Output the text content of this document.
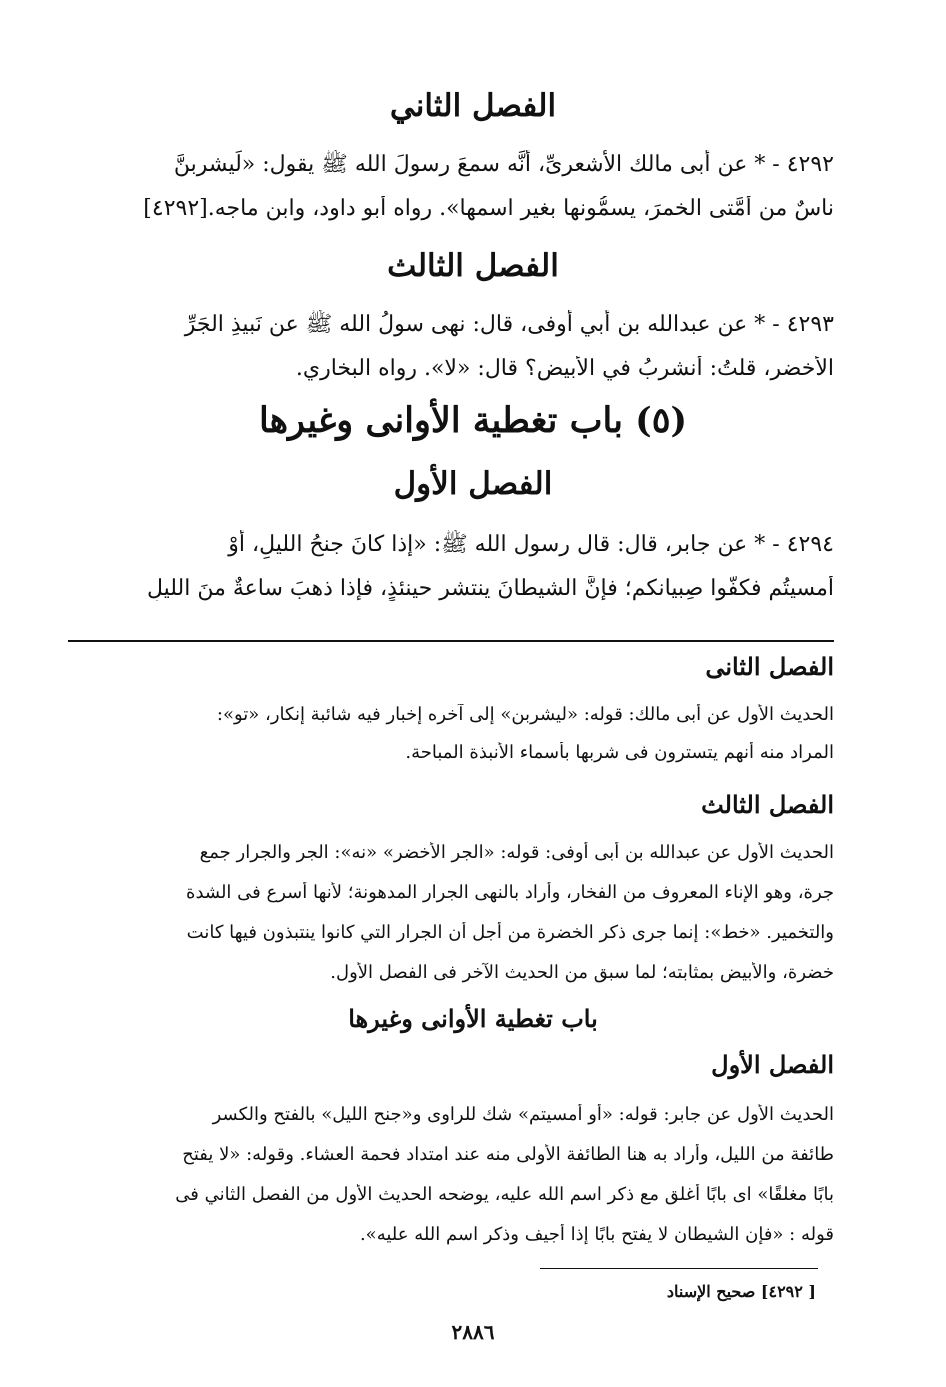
الفصل الثاني
٤٢٩٢ - * عن أبى مالك الأشعرىِّ، أنَّه سمعَ رسولَ الله ﷺ يقول: «لَيشربنَّ
ناسٌ من أمَّتى الخمرَ، يسمُّونها بغيرِ اسمها». رواه أبو داود، وابن ماجه.[٤٢٩٢]
الفصل الثالث
٤٢٩٣ - * عن عبدالله بن أبي أوفى، قال: نهى سولُ الله ﷺ عن نَبيذِ الجَرِّ
الأخضرِ، قلتُ: أَنشربُ في الأبيض؟ قال: «لا». رواه البخاري.
(٥) باب تغطية الأوانى وغيرها
الفصل الأول
٤٢٩٤ - * عن جابر، قال: قال رسول الله ﷺ: «إذا كانَ جنحُ الليلِ، أوْ
أمسيتُم فكفُّوا صِبيانكم؛ فإنَّ الشيطانَ ينتشر حينئذٍ، فإذا ذهبَ ساعةٌ منَ الليلِ
الفصل الثانى
الحديث الأول عن أبى مالك: قوله: «ليشربن» إلى آخره إخبار فيه شائبة إنكار، «تو»:
المراد منه أنهم يتسترون فى شربها بأسماء الأنبذة المباحة.
الفصل الثالث
الحديث الأول عن عبدالله بن أبى أوفى: قوله: «الجر الأخضر» «نه»: الجر والجرار جمع
جرة، وهو الإناء المعروف من الفخار، وأراد بالنهى الجرار المدهونة؛ لأنها أسرع فى الشدة
والتخمير. «خط»: إنما جرى ذكر الخضرة من أجل أن الجرار التي كانوا ينتبذون فيها كانت
خضرة، والأبيض بمثابته؛ لما سبق من الحديث الآخر فى الفصل الأول.
باب تغطية الأوانى وغيرها
الفصل الأول
الحديث الأول عن جابر: قوله: «أو أمسيتم» شك للراوى و«جنح الليل» بالفتح والكسر
طائفة من الليل، وأراد به هنا الطائفة الأولى منه عند امتداد فحمة العشاء. وقوله: «لا يفتح
بابًا مغلقًا» اى بابًا أغلق مع ذكر اسم الله عليه، يوضحه الحديث الأول من الفصل الثاني فى
قوله : «فإن الشيطان لا يفتح بابًا إذا أجيف وذكر اسم الله عليه».
[ ٤٢٩٢] صحيح الإسناد
٢٨٨٦
